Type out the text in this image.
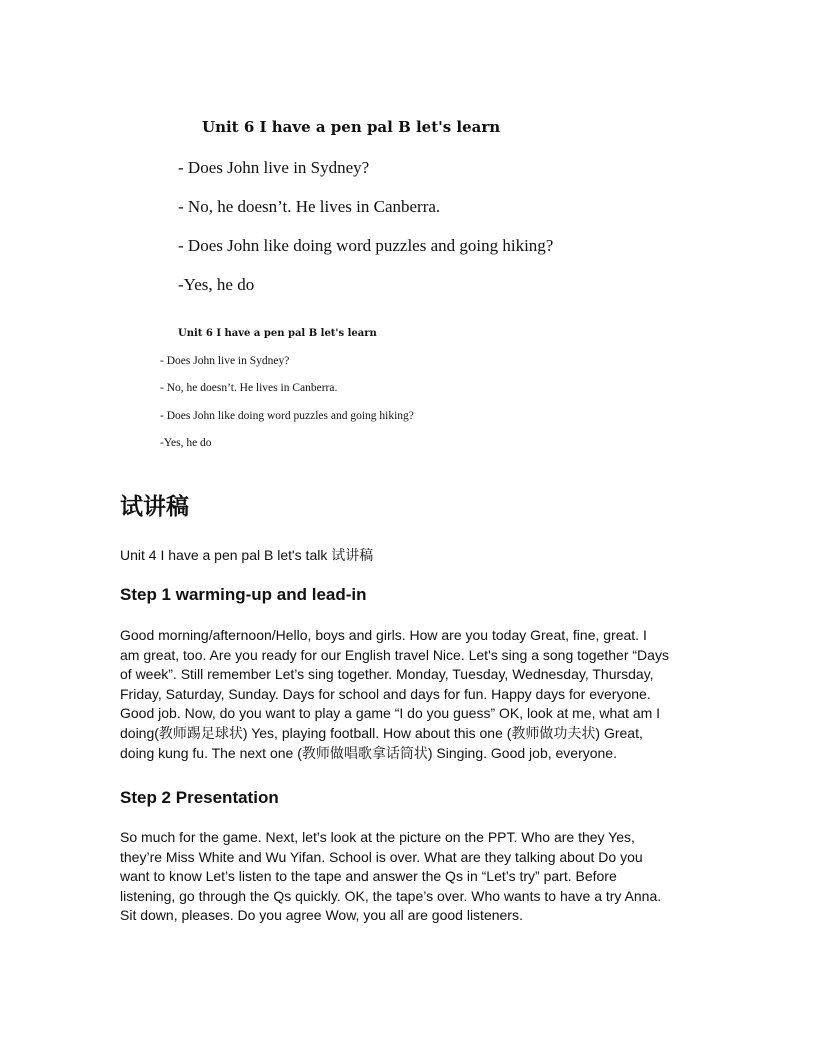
Unit 6 I have a pen pal B let's learn

- Does John live in Sydney?

- No, he doesn’t. He lives in Canberra.

- Does John like doing word puzzles and going hiking?

-Yes, he do

Unit 6 I have a pen pal B let's learn

- Does John live in Sydney?

- No, he doesn’t. He lives in Canberra.

- Does John like doing word puzzles and going hiking?

-Yes, he do

试讲稿

Unit 4 I have a pen pal B let's talk 试讲稿

Step 1 warming-up and lead-in
Good morning/afternoon/Hello, boys and girls. How are you today Great, fine, great. I
am great, too. Are you ready for our English travel Nice. Let's sing a song together “Days
of week”. Still remember Let’s sing together. Monday, Tuesday, Wednesday, Thursday,
Friday, Saturday, Sunday. Days for school and days for fun. Happy days for everyone.
Good job. Now, do you want to play a game “I do you guess” OK, look at me, what am I
doing(教师踢足球状) Yes, playing football. How about this one (教师做功夫状) Great,
doing kung fu. The next one (教师做唱歌拿话筒状) Singing. Good job, everyone.
Step 2 Presentation
So much for the game. Next, let’s look at the picture on the PPT. Who are they Yes,
they’re Miss White and Wu Yifan. School is over. What are they talking about Do you
want to know Let’s listen to the tape and answer the Qs in “Let’s try” part. Before
listening, go through the Qs quickly. OK, the tape’s over. Who wants to have a try Anna.
Sit down, pleases. Do you agree Wow, you all are good listeners.
